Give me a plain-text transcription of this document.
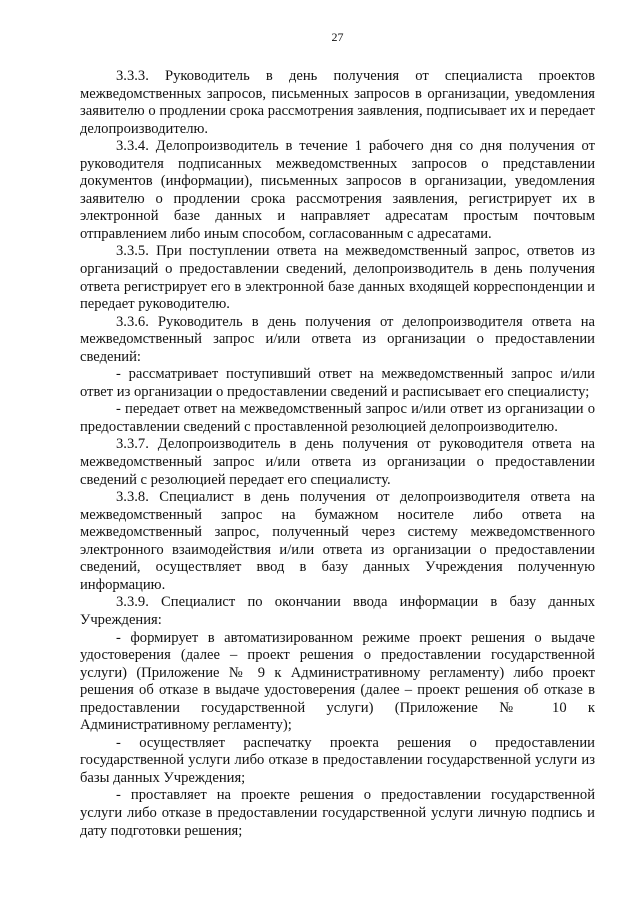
27

3.3.3. Руководитель в день получения от специалиста проектов межведомственных запросов, письменных запросов в организации, уведомления заявителю о продлении срока рассмотрения заявления, подписывает их и передает делопроизводителю.

3.3.4. Делопроизводитель в течение 1 рабочего дня со дня получения от руководителя подписанных межведомственных запросов о представлении документов (информации), письменных запросов в организации, уведомления заявителю о продлении срока рассмотрения заявления, регистрирует их в электронной базе данных и направляет адресатам простым почтовым отправлением либо иным способом, согласованным с адресатами.

3.3.5. При поступлении ответа на межведомственный запрос, ответов из организаций о предоставлении сведений, делопроизводитель в день получения ответа регистрирует его в электронной базе данных входящей корреспонденции и передает руководителю.

3.3.6. Руководитель в день получения от делопроизводителя ответа на межведомственный запрос и/или ответа из организации о предоставлении сведений:

- рассматривает поступивший ответ на межведомственный запрос и/или ответ из организации о предоставлении сведений и расписывает его специалисту;

- передает ответ на межведомственный запрос и/или ответ из организации о предоставлении сведений с проставленной резолюцией делопроизводителю.

3.3.7. Делопроизводитель в день получения от руководителя ответа на межведомственный запрос и/или ответа из организации о предоставлении сведений с резолюцией передает его специалисту.

3.3.8. Специалист в день получения от делопроизводителя ответа на межведомственный запрос на бумажном носителе либо ответа на межведомственный запрос, полученный через систему межведомственного электронного взаимодействия и/или ответа из организации о предоставлении сведений, осуществляет ввод в базу данных Учреждения полученную информацию.

3.3.9. Специалист по окончании ввода информации в базу данных Учреждения:

- формирует в автоматизированном режиме проект решения о выдаче удостоверения (далее – проект решения о предоставлении государственной услуги) (Приложение № 9 к Административному регламенту) либо проект решения об отказе в выдаче удостоверения (далее – проект решения об отказе в предоставлении государственной услуги) (Приложение № 10 к Административному регламенту);

- осуществляет распечатку проекта решения о предоставлении государственной услуги либо отказе в предоставлении государственной услуги из базы данных Учреждения;

- проставляет на проекте решения о предоставлении государственной услуги либо отказе в предоставлении государственной услуги личную подпись и дату подготовки решения;
